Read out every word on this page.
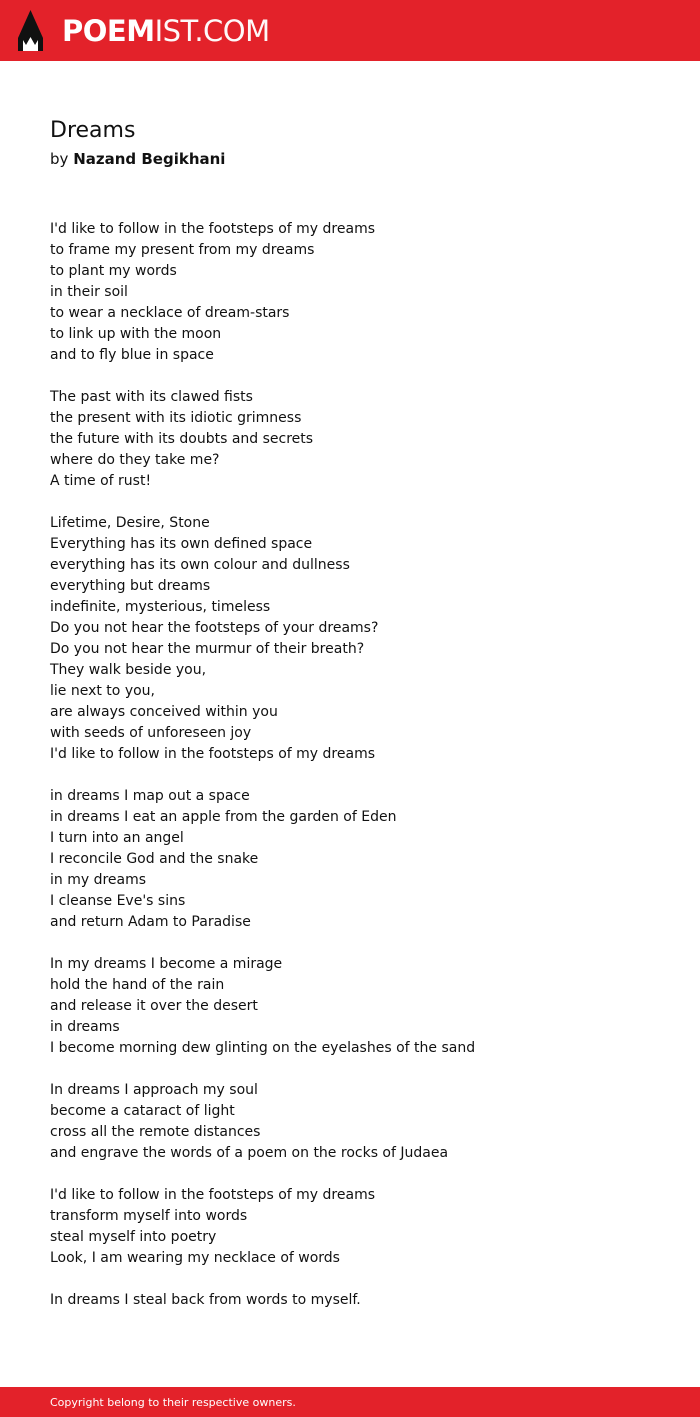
POEMIST.COM
Dreams
by Nazand Begikhani
I'd like to follow in the footsteps of my dreams
to frame my present from my dreams
to plant my words
in their soil
to wear a necklace of dream-stars
to link up with the moon
and to fly blue in space
The past with its clawed fists
the present with its idiotic grimness
the future with its doubts and secrets
where do they take me?
A time of rust!
Lifetime, Desire, Stone
Everything has its own defined space
everything has its own colour and dullness
everything but dreams
indefinite, mysterious, timeless
Do you not hear the footsteps of your dreams?
Do you not hear the murmur of their breath?
They walk beside you,
lie next to you,
are always conceived within you
with seeds of unforeseen joy
I'd like to follow in the footsteps of my dreams
in dreams I map out a space
in dreams I eat an apple from the garden of Eden
I turn into an angel
I reconcile God and the snake
in my dreams
I cleanse Eve's sins
and return Adam to Paradise
In my dreams I become a mirage
hold the hand of the rain
and release it over the desert
in dreams
I become morning dew glinting on the eyelashes of the sand
In dreams I approach my soul
become a cataract of light
cross all the remote distances
and engrave the words of a poem on the rocks of Judaea
I'd like to follow in the footsteps of my dreams
transform myself into words
steal myself into poetry
Look, I am wearing my necklace of words
In dreams I steal back from words to myself.
Copyright belong to their respective owners.
